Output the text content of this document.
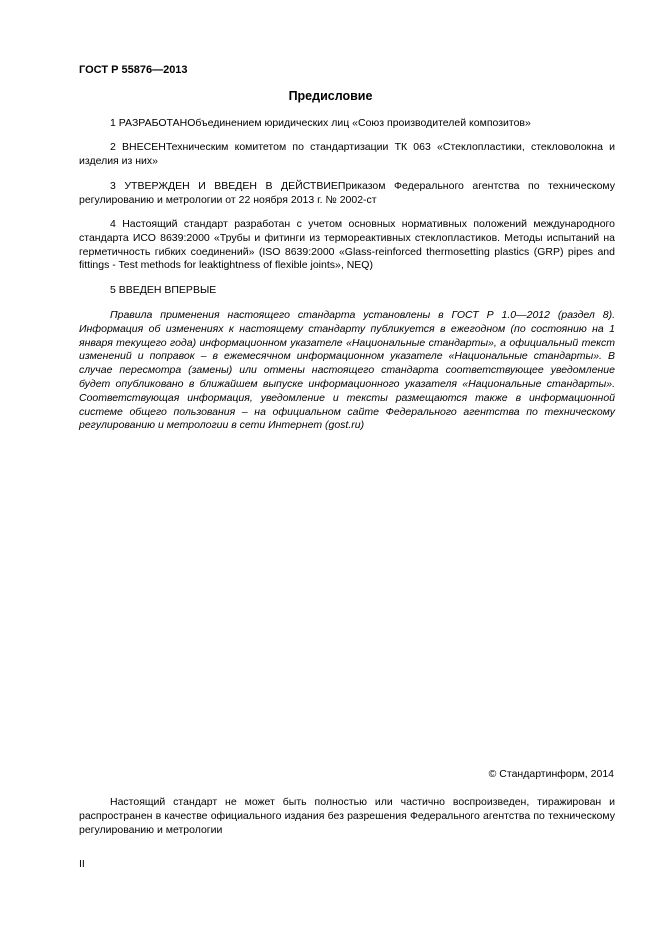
ГОСТ Р 55876—2013
Предисловие
1 РАЗРАБОТАНОбъединением юридических лиц «Союз производителей композитов»
2 ВНЕСЕНТехническим комитетом по стандартизации ТК 063 «Стеклопластики, стекловолокна и изделия из них»
3 УТВЕРЖДЕН И ВВЕДЕН В ДЕЙСТВИЕПриказом Федерального агентства по техническому регулированию и метрологии от 22 ноября 2013 г. № 2002-ст
4 Настоящий стандарт разработан с учетом основных нормативных положений международного стандарта ИСО 8639:2000 «Трубы и фитинги из термореактивных стеклопластиков. Методы испытаний на герметичность гибких соединений» (ISO 8639:2000 «Glass-reinforced thermosetting plastics (GRP) pipes and fittings - Test methods for leaktightness of flexible joints», NEQ)
5 ВВЕДЕН ВПЕРВЫЕ
Правила применения настоящего стандарта установлены в ГОСТ Р 1.0—2012 (раздел 8). Информация об изменениях к настоящему стандарту публикуется в ежегодном (по состоянию на 1 января текущего года) информационном указателе «Национальные стандарты», а официальный текст изменений и поправок – в ежемесячном информационном указателе «Национальные стандарты». В случае пересмотра (замены) или отмены настоящего стандарта соответствующее уведомление будет опубликовано в ближайшем выпуске информационного указателя «Национальные стандарты». Соответствующая информация, уведомление и тексты размещаются также в информационной системе общего пользования – на официальном сайте Федерального агентства по техническому регулированию и метрологии в сети Интернет (gost.ru)
© Стандартинформ, 2014
Настоящий стандарт не может быть полностью или частично воспроизведен, тиражирован и распространен в качестве официального издания без разрешения Федерального агентства по техническому регулированию и метрологии
II
